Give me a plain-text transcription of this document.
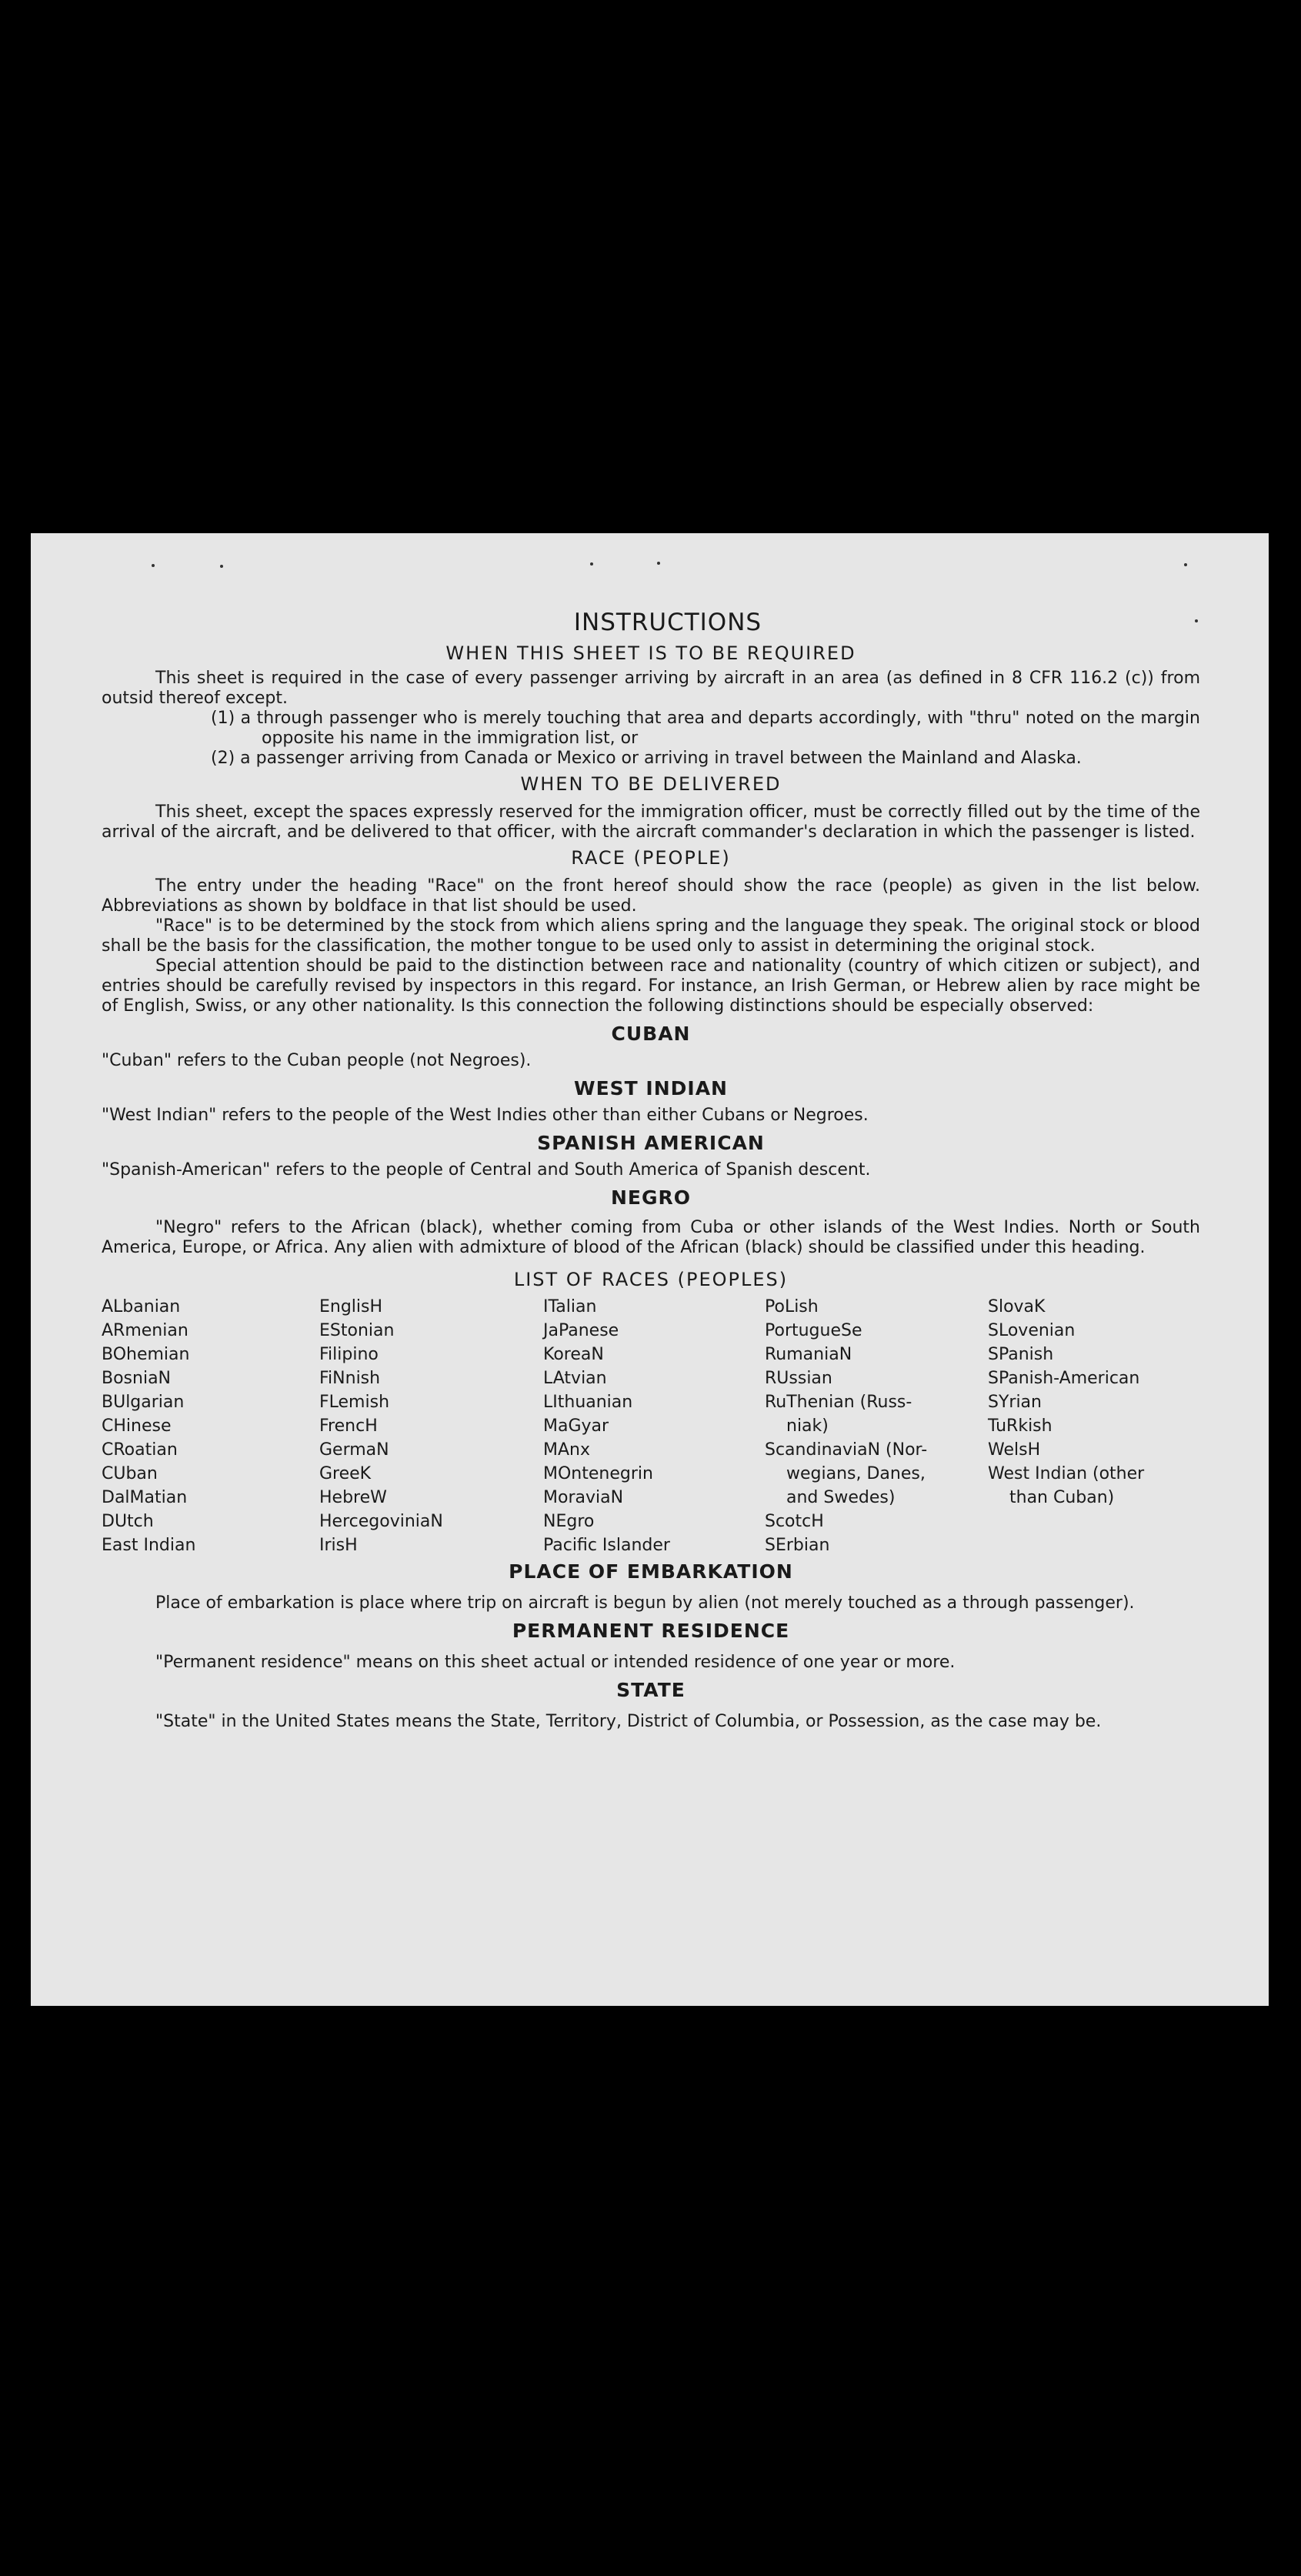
INSTRUCTIONS
WHEN THIS SHEET IS TO BE REQUIRED

This sheet is required in the case of every passenger arriving by aircraft in an area (as defined in 8 CFR 116.2 (c)) from outsid thereof except.

(1) a through passenger who is merely touching that area and departs accordingly, with "thru" noted on the margin opposite his name in the immigration list, or

(2) a passenger arriving from Canada or Mexico or arriving in travel between the Mainland and Alaska.

WHEN TO BE DELIVERED

This sheet, except the spaces expressly reserved for the immigration officer, must be correctly filled out by the time of the arrival of the aircraft, and be delivered to that officer, with the aircraft commander's declaration in which the passenger is listed.

RACE (PEOPLE)

The entry under the heading "Race" on the front hereof should show the race (people) as given in the list below. Abbreviations as shown by boldface in that list should be used.

"Race" is to be determined by the stock from which aliens spring and the language they speak. The original stock or blood shall be the basis for the classification, the mother tongue to be used only to assist in determining the original stock.

Special attention should be paid to the distinction between race and nationality (country of which citizen or subject), and entries should be carefully revised by inspectors in this regard. For instance, an Irish German, or Hebrew alien by race might be of English, Swiss, or any other nationality. Is this connection the following distinctions should be especially observed:

CUBAN

"Cuban" refers to the Cuban people (not Negroes).

WEST INDIAN

"West Indian" refers to the people of the West Indies other than either Cubans or Negroes.

SPANISH AMERICAN

"Spanish-American" refers to the people of Central and South America of Spanish descent.

NEGRO

"Negro" refers to the African (black), whether coming from Cuba or other islands of the West Indies. North or South America, Europe, or Africa. Any alien with admixture of blood of the African (black) should be classified under this heading.

LIST OF RACES (PEOPLES)
ALbanian
ARmenian
BOhemian
BosniaN
BUlgarian
CHinese
CRoatian
CUban
DalMatian
DUtch
East Indian
EnglisH
EStonian
Filipino
FiNnish
FLemish
FrencH
GermaN
GreeK
HebreW
HercegoviniaN
IrisH
ITalian
JaPanese
KoreaN
LAtvian
LIthuanian
MaGyar
MAnx
MOntenegrin
MoraviaN
NEgro
Pacific Islander
PoLish
PortugueSe
RumaniaN
RUssian
RuThenian (Russ-
niak)
ScandinaviaN (Nor-
wegians, Danes,
and Swedes)
ScotcH
SErbian
SlovaK
SLovenian
SPanish
SPanish-American
SYrian
TuRkish
WelsH
West Indian (other
than Cuban)
PLACE OF EMBARKATION

Place of embarkation is place where trip on aircraft is begun by alien (not merely touched as a through passenger).

PERMANENT RESIDENCE

"Permanent residence" means on this sheet actual or intended residence of one year or more.

STATE

"State" in the United States means the State, Territory, District of Columbia, or Possession, as the case may be.
